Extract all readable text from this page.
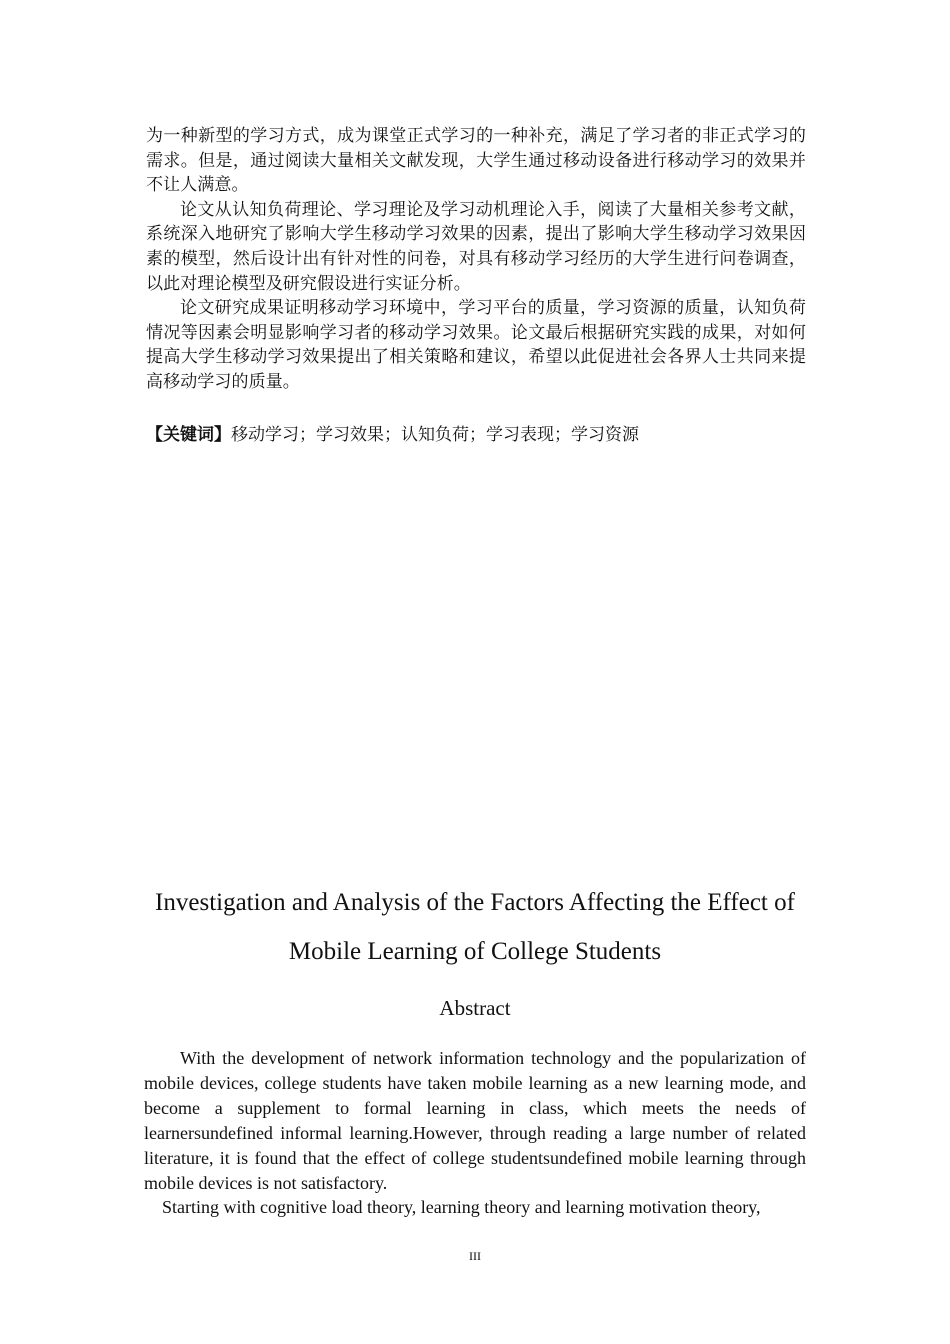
为一种新型的学习方式，成为课堂正式学习的一种补充，满足了学习者的非正式学习的需求。但是，通过阅读大量相关文献发现，大学生通过移动设备进行移动学习的效果并不让人满意。

论文从认知负荷理论、学习理论及学习动机理论入手，阅读了大量相关参考文献，系统深入地研究了影响大学生移动学习效果的因素，提出了影响大学生移动学习效果因素的模型，然后设计出有针对性的问卷，对具有移动学习经历的大学生进行问卷调查，以此对理论模型及研究假设进行实证分析。

论文研究成果证明移动学习环境中，学习平台的质量，学习资源的质量，认知负荷情况等因素会明显影响学习者的移动学习效果。论文最后根据研究实践的成果，对如何提高大学生移动学习效果提出了相关策略和建议，希望以此促进社会各界人士共同来提高移动学习的质量。

【关键词】移动学习；学习效果；认知负荷；学习表现；学习资源
Investigation and Analysis of the Factors Affecting the Effect of
Mobile Learning of College Students
Abstract

With the development of network information technology and the popularization of mobile devices, college students have taken mobile learning as a new learning mode, and become a supplement to formal learning in class, which meets the needs of learnersundefined informal learning.However, through reading a large number of related literature, it is found that the effect of college studentsundefined mobile learning through mobile devices is not satisfactory.

Starting with cognitive load theory, learning theory and learning motivation theory,

III
